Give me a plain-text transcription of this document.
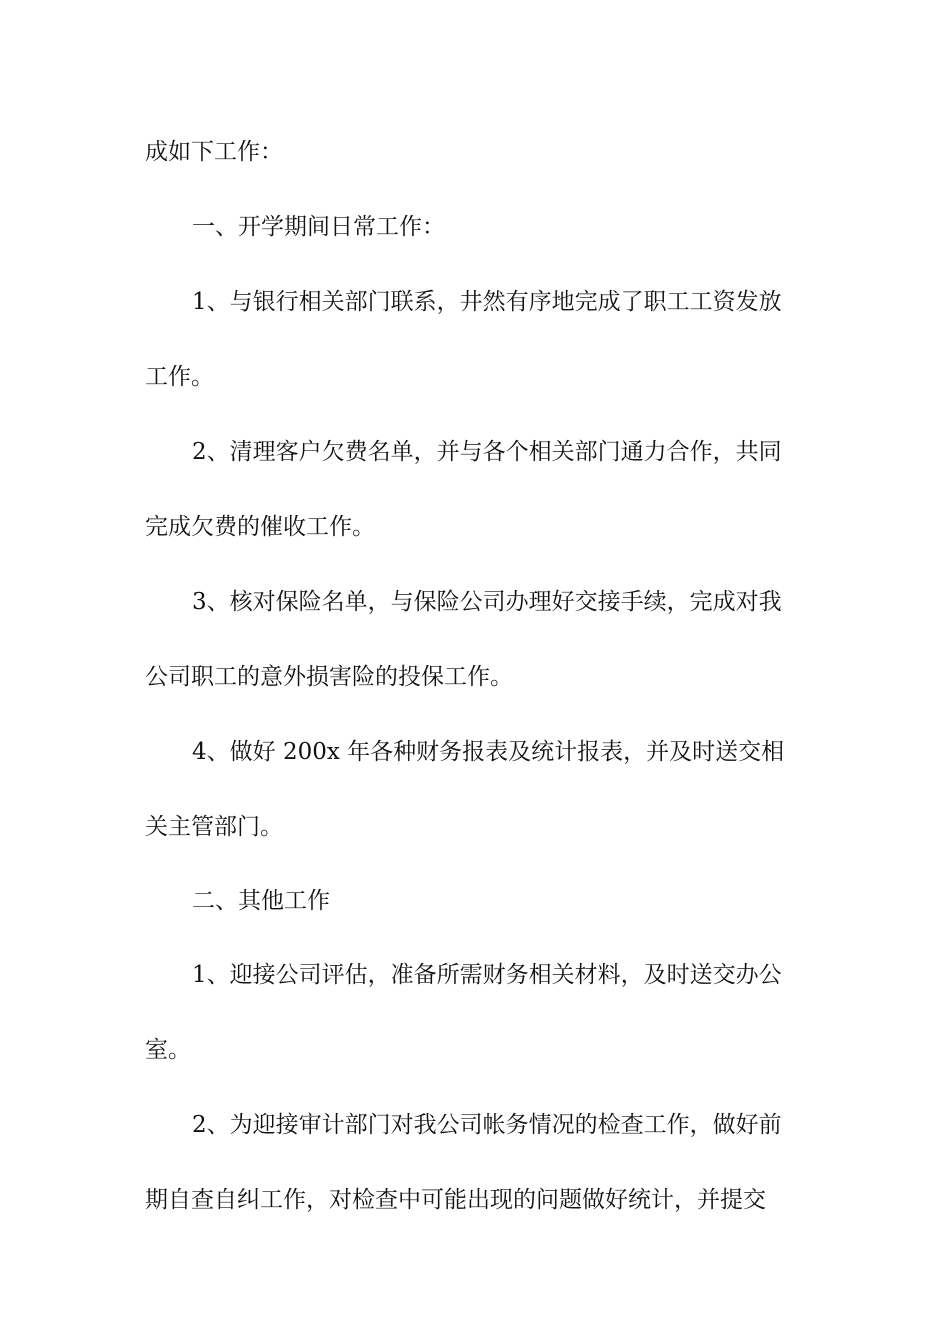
成如下工作：
一、开学期间日常工作：
1、与银行相关部门联系，井然有序地完成了职工工资发放
工作。
2、清理客户欠费名单，并与各个相关部门通力合作，共同
完成欠费的催收工作。
3、核对保险名单，与保险公司办理好交接手续，完成对我
公司职工的意外损害险的投保工作。
4、做好 200x 年各种财务报表及统计报表，并及时送交相
关主管部门。
二、其他工作
1、迎接公司评估，准备所需财务相关材料，及时送交办公
室。
2、为迎接审计部门对我公司帐务情况的检查工作，做好前
期自查自纠工作，对检查中可能出现的问题做好统计，并提交
